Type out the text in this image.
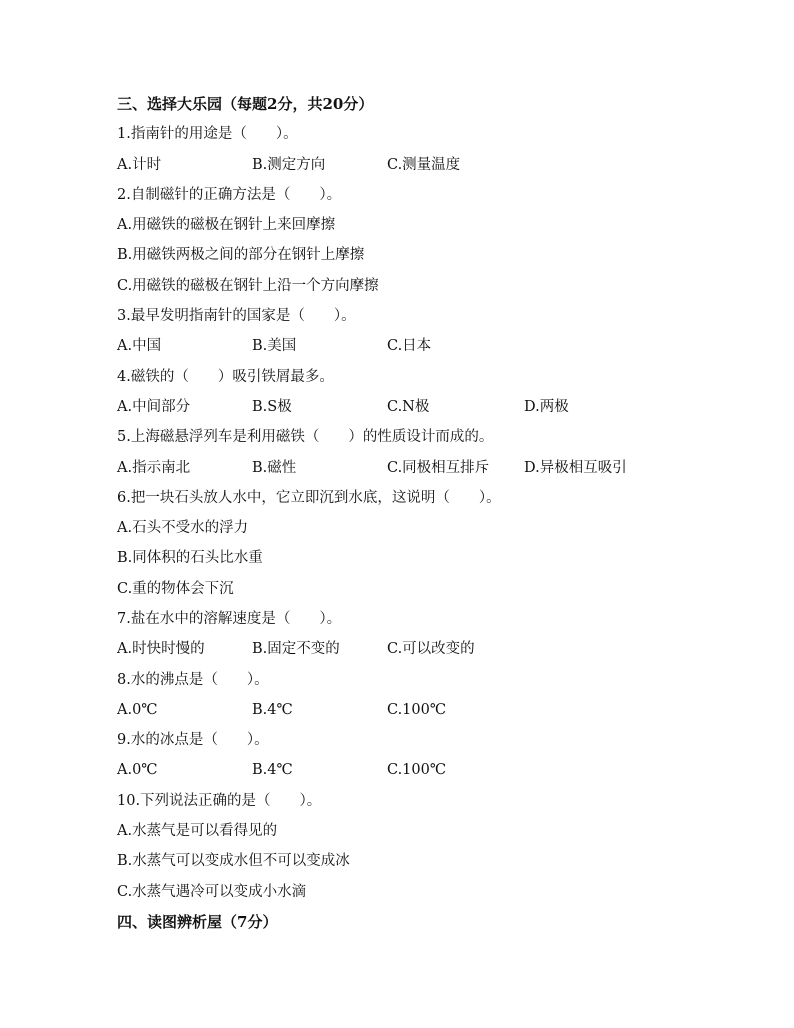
三、选择大乐园（每题2分，共20分）
1.指南针的用途是（　　）。
A.计时	B.测定方向	C.测量温度
2.自制磁针的正确方法是（　　）。
A.用磁铁的磁极在钢针上来回摩擦
B.用磁铁两极之间的部分在钢针上摩擦
C.用磁铁的磁极在钢针上沿一个方向摩擦
3.最早发明指南针的国家是（　　）。
A.中国	B.美国	C.日本
4.磁铁的（　　）吸引铁屑最多。
A.中间部分	B.S极	C.N极	D.两极
5.上海磁悬浮列车是利用磁铁（　　）的性质设计而成的。
A.指示南北	B.磁性	C.同极相互排斥 D.异极相互吸引
6.把一块石头放人水中，它立即沉到水底，这说明（　　）。
A.石头不受水的浮力
B.同体积的石头比水重
C.重的物体会下沉
7.盐在水中的溶解速度是（　　）。
A.时快时慢的	B.固定不变的	C.可以改变的
8.水的沸点是（　　）。
A.0℃	B.4℃	C.100℃
9.水的冰点是（　　）。
A.0℃	B.4℃	C.100℃
10.下列说法正确的是（　　）。
A.水蒸气是可以看得见的
B.水蒸气可以变成水但不可以变成冰
C.水蒸气遇冷可以变成小水滴
四、读图辨析屋（7分）
